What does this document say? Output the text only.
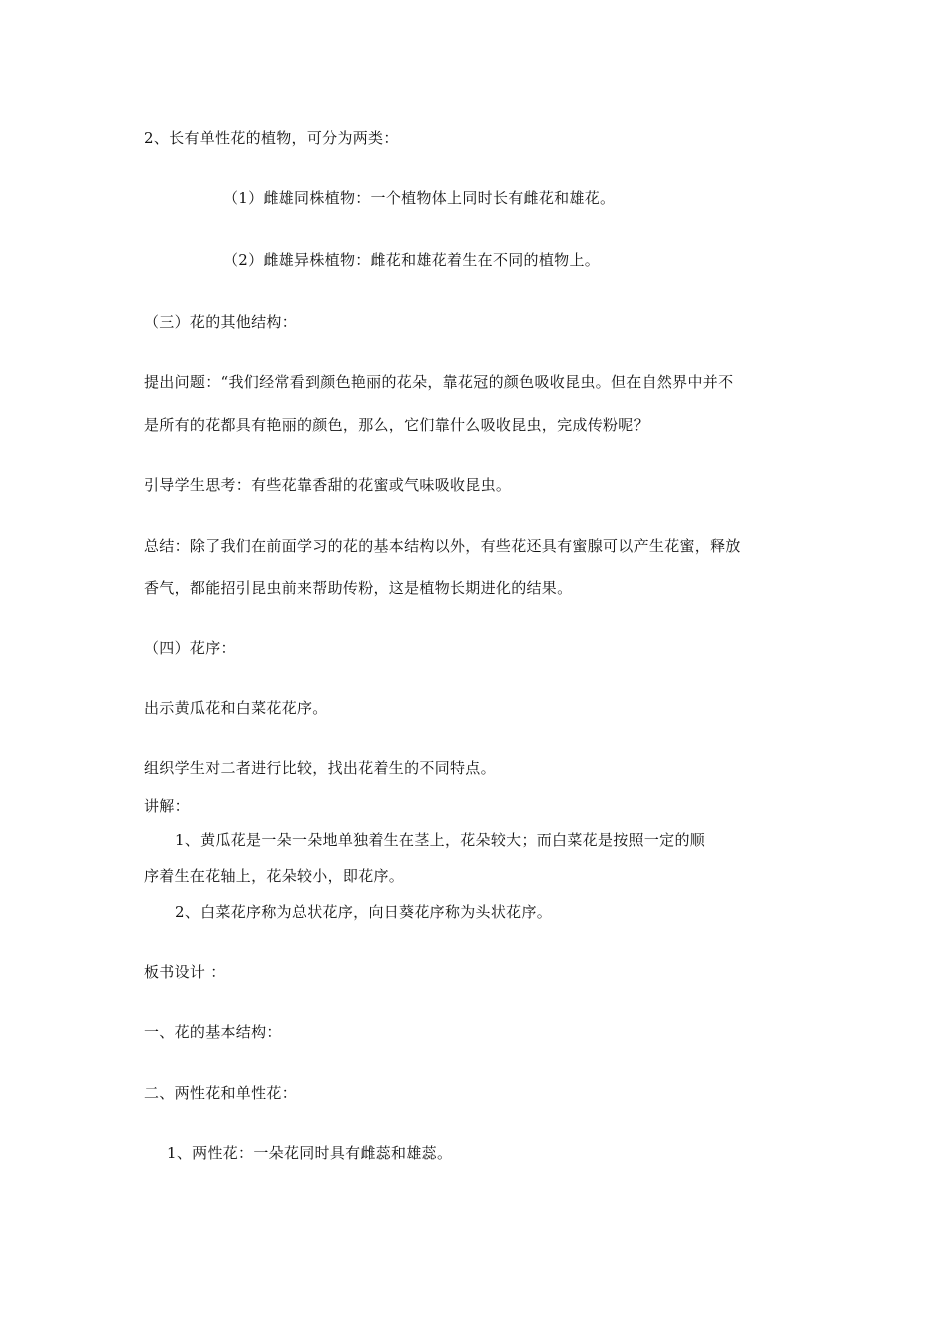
2、长有单性花的植物，可分为两类：
（1）雌雄同株植物：一个植物体上同时长有雌花和雄花。
（2）雌雄异株植物：雌花和雄花着生在不同的植物上。
（三）花的其他结构：
提出问题：“我们经常看到颜色艳丽的花朵，靠花冠的颜色吸收昆虫。但在自然界中并不
是所有的花都具有艳丽的颜色，那么，它们靠什么吸收昆虫，完成传粉呢？
引导学生思考：有些花靠香甜的花蜜或气味吸收昆虫。
总结：除了我们在前面学习的花的基本结构以外，有些花还具有蜜腺可以产生花蜜，释放
香气，都能招引昆虫前来帮助传粉，这是植物长期进化的结果。
（四）花序：
出示黄瓜花和白菜花花序。
组织学生对二者进行比较，找出花着生的不同特点。
讲解：
1、黄瓜花是一朵一朵地单独着生在茎上，花朵较大；而白菜花是按照一定的顺
序着生在花轴上，花朵较小，即花序。
2、白菜花序称为总状花序，向日葵花序称为头状花序。
板书设计 ：
一、花的基本结构：
二、两性花和单性花：
1、两性花：一朵花同时具有雌蕊和雄蕊。
